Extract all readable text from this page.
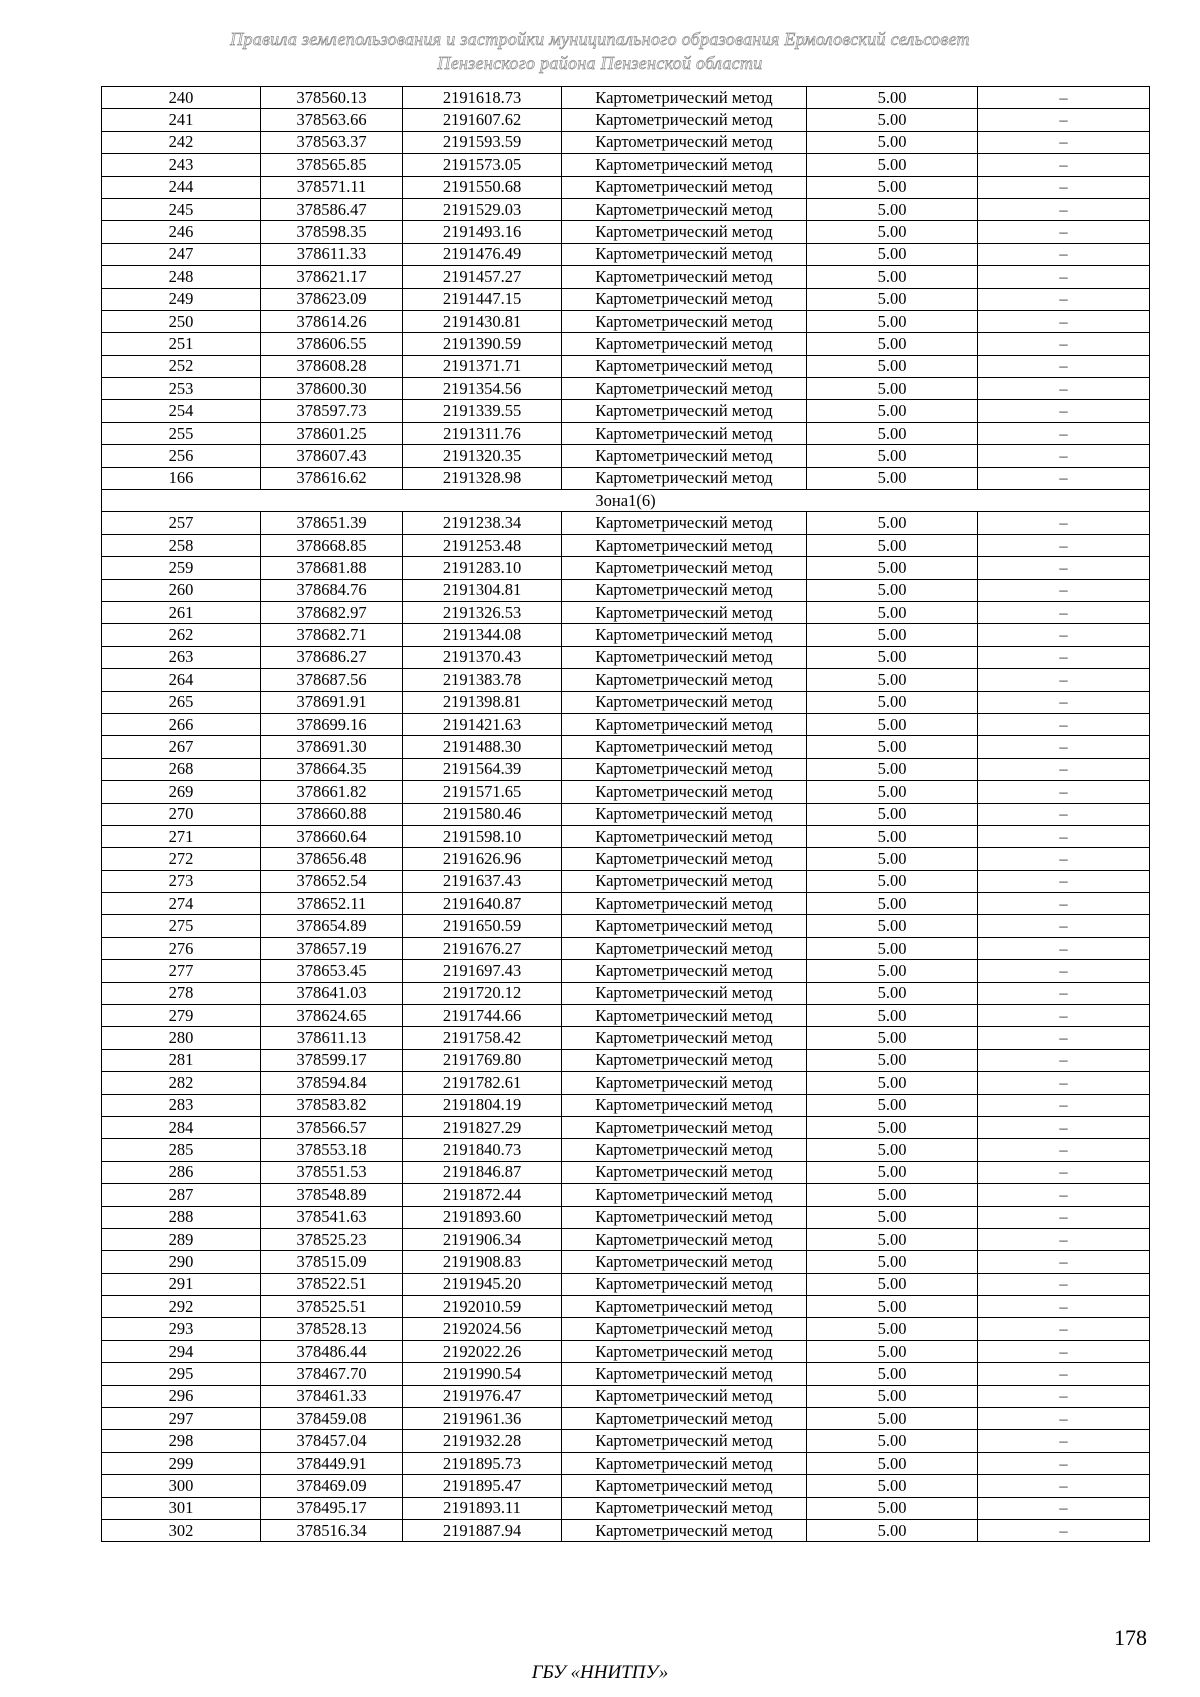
Правила землепользования и застройки муниципального образования Ермоловский сельсовет
Пензенского района Пензенской области
240	378560.13	2191618.73	Картометрический метод	5.00	–
241	378563.66	2191607.62	Картометрический метод	5.00	–
242	378563.37	2191593.59	Картометрический метод	5.00	–
243	378565.85	2191573.05	Картометрический метод	5.00	–
244	378571.11	2191550.68	Картометрический метод	5.00	–
245	378586.47	2191529.03	Картометрический метод	5.00	–
246	378598.35	2191493.16	Картометрический метод	5.00	–
247	378611.33	2191476.49	Картометрический метод	5.00	–
248	378621.17	2191457.27	Картометрический метод	5.00	–
249	378623.09	2191447.15	Картометрический метод	5.00	–
250	378614.26	2191430.81	Картометрический метод	5.00	–
251	378606.55	2191390.59	Картометрический метод	5.00	–
252	378608.28	2191371.71	Картометрический метод	5.00	–
253	378600.30	2191354.56	Картометрический метод	5.00	–
254	378597.73	2191339.55	Картометрический метод	5.00	–
255	378601.25	2191311.76	Картометрический метод	5.00	–
256	378607.43	2191320.35	Картометрический метод	5.00	–
166	378616.62	2191328.98	Картометрический метод	5.00	–
Зона1(6)					
257	378651.39	2191238.34	Картометрический метод	5.00	–
258	378668.85	2191253.48	Картометрический метод	5.00	–
259	378681.88	2191283.10	Картометрический метод	5.00	–
260	378684.76	2191304.81	Картометрический метод	5.00	–
261	378682.97	2191326.53	Картометрический метод	5.00	–
262	378682.71	2191344.08	Картометрический метод	5.00	–
263	378686.27	2191370.43	Картометрический метод	5.00	–
264	378687.56	2191383.78	Картометрический метод	5.00	–
265	378691.91	2191398.81	Картометрический метод	5.00	–
266	378699.16	2191421.63	Картометрический метод	5.00	–
267	378691.30	2191488.30	Картометрический метод	5.00	–
268	378664.35	2191564.39	Картометрический метод	5.00	–
269	378661.82	2191571.65	Картометрический метод	5.00	–
270	378660.88	2191580.46	Картометрический метод	5.00	–
271	378660.64	2191598.10	Картометрический метод	5.00	–
272	378656.48	2191626.96	Картометрический метод	5.00	–
273	378652.54	2191637.43	Картометрический метод	5.00	–
274	378652.11	2191640.87	Картометрический метод	5.00	–
275	378654.89	2191650.59	Картометрический метод	5.00	–
276	378657.19	2191676.27	Картометрический метод	5.00	–
277	378653.45	2191697.43	Картометрический метод	5.00	–
278	378641.03	2191720.12	Картометрический метод	5.00	–
279	378624.65	2191744.66	Картометрический метод	5.00	–
280	378611.13	2191758.42	Картометрический метод	5.00	–
281	378599.17	2191769.80	Картометрический метод	5.00	–
282	378594.84	2191782.61	Картометрический метод	5.00	–
283	378583.82	2191804.19	Картометрический метод	5.00	–
284	378566.57	2191827.29	Картометрический метод	5.00	–
285	378553.18	2191840.73	Картометрический метод	5.00	–
286	378551.53	2191846.87	Картометрический метод	5.00	–
287	378548.89	2191872.44	Картометрический метод	5.00	–
288	378541.63	2191893.60	Картометрический метод	5.00	–
289	378525.23	2191906.34	Картометрический метод	5.00	–
290	378515.09	2191908.83	Картометрический метод	5.00	–
291	378522.51	2191945.20	Картометрический метод	5.00	–
292	378525.51	2192010.59	Картометрический метод	5.00	–
293	378528.13	2192024.56	Картометрический метод	5.00	–
294	378486.44	2192022.26	Картометрический метод	5.00	–
295	378467.70	2191990.54	Картометрический метод	5.00	–
296	378461.33	2191976.47	Картометрический метод	5.00	–
297	378459.08	2191961.36	Картометрический метод	5.00	–
298	378457.04	2191932.28	Картометрический метод	5.00	–
299	378449.91	2191895.73	Картометрический метод	5.00	–
300	378469.09	2191895.47	Картометрический метод	5.00	–
301	378495.17	2191893.11	Картометрический метод	5.00	–
302	378516.34	2191887.94	Картометрический метод	5.00	–
178
ГБУ «ННИТПУ»
